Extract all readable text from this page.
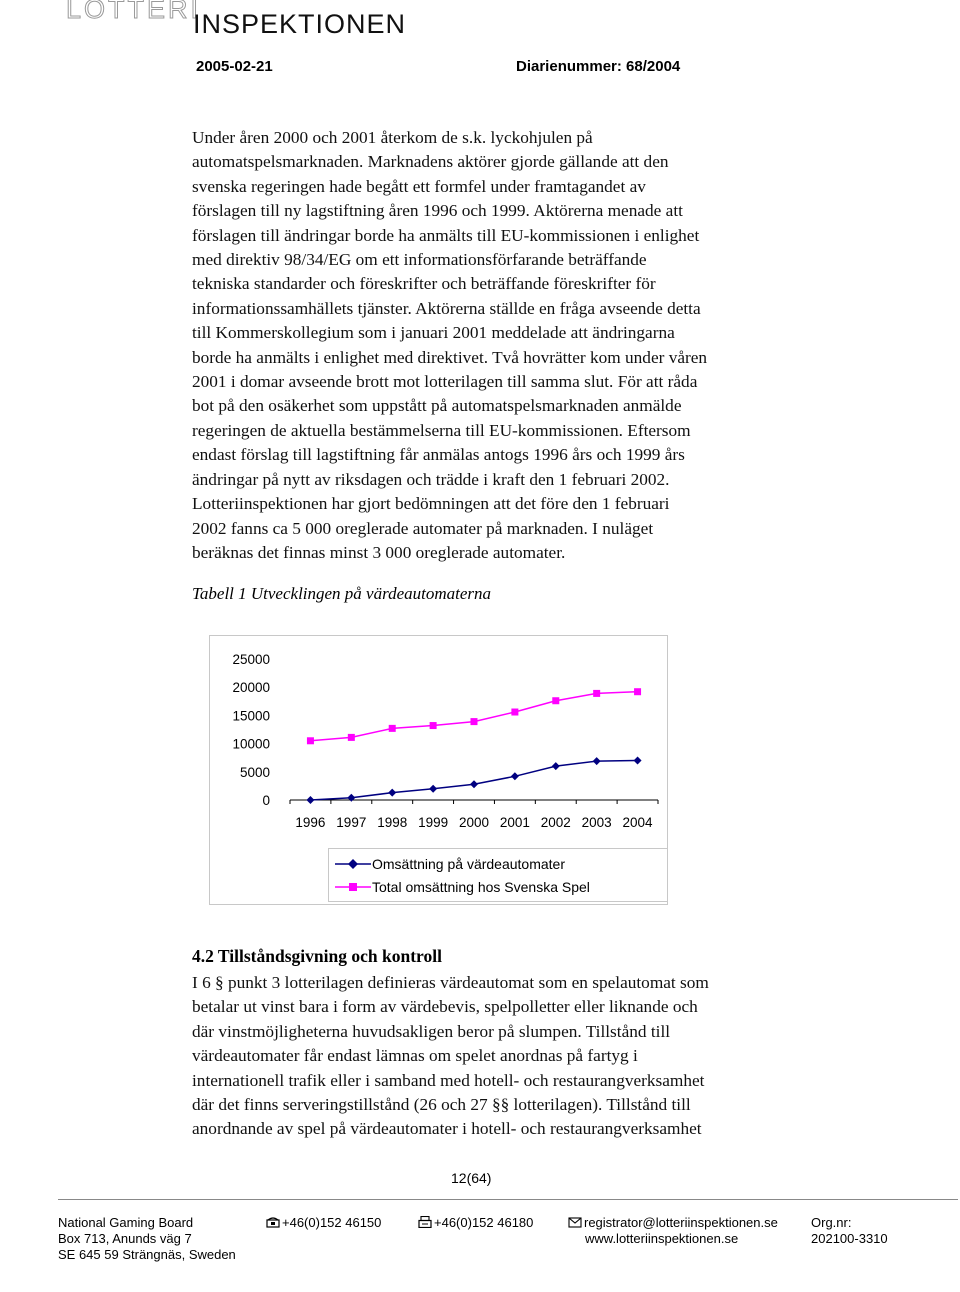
LOTTERI
INSPEKTIONEN
2005-02-21	Diarienummer: 68/2004

Under åren 2000 och 2001 återkom de s.k. lyckohjulen på

automatspelsmarknaden. Marknadens aktörer gjorde gällande att den

svenska regeringen hade begått ett formfel under framtagandet av

förslagen till ny lagstiftning åren 1996 och 1999. Aktörerna menade att

förslagen till ändringar borde ha anmälts till EU-kommissionen i enlighet

med direktiv 98/34/EG om ett informationsförfarande beträffande

tekniska standarder och föreskrifter och beträffande föreskrifter för

informationssamhällets tjänster. Aktörerna ställde en fråga avseende detta

till Kommerskollegium som i januari 2001 meddelade att ändringarna

borde ha anmälts i enlighet med direktivet. Två hovrätter kom under våren

2001 i domar avseende brott mot lotterilagen till samma slut. För att råda

bot på den osäkerhet som uppstått på automatspelsmarknaden anmälde

regeringen de aktuella bestämmelserna till EU-kommissionen. Eftersom

endast förslag till lagstiftning får anmälas antogs 1996 års och 1999 års

ändringar på nytt av riksdagen och trädde i kraft den 1 februari 2002.

Lotteriinspektionen har gjort bedömningen att det före den 1 februari

2002 fanns ca 5 000 oreglerade automater på marknaden. I nuläget

beräknas det finnas minst 3 000 oreglerade automater.

Tabell 1 Utvecklingen på värdeautomaterna
25000
20000
15000
10000
5000
0
1996 1997 1998 1999 2000 2001 2002 2003 2004
Omsättning på värdeautomater
Total omsättning hos Svenska Spel
4.2 Tillståndsgivning och kontroll

I 6 § punkt 3 lotterilagen definieras värdeautomat som en spelautomat som

betalar ut vinst bara i form av värdebevis, spelpolletter eller liknande och

där vinstmöjligheterna huvudsakligen beror på slumpen. Tillstånd till

värdeautomater får endast lämnas om spelet anordnas på fartyg i

internationell trafik eller i samband med hotell- och restaurangverksamhet

där det finns serveringstillstånd (26 och 27 §§ lotterilagen). Tillstånd till

anordnande av spel på värdeautomater i hotell- och restaurangverksamhet

12(64)
National Gaming Board
Box 713, Anunds väg 7
SE 645 59 Strängnäs, Sweden
+46(0)152 46150	+46(0)152 46180	registrator@lotteriinspektionen.se
www.lotteriinspektionen.se
Org.nr:
202100-3310
